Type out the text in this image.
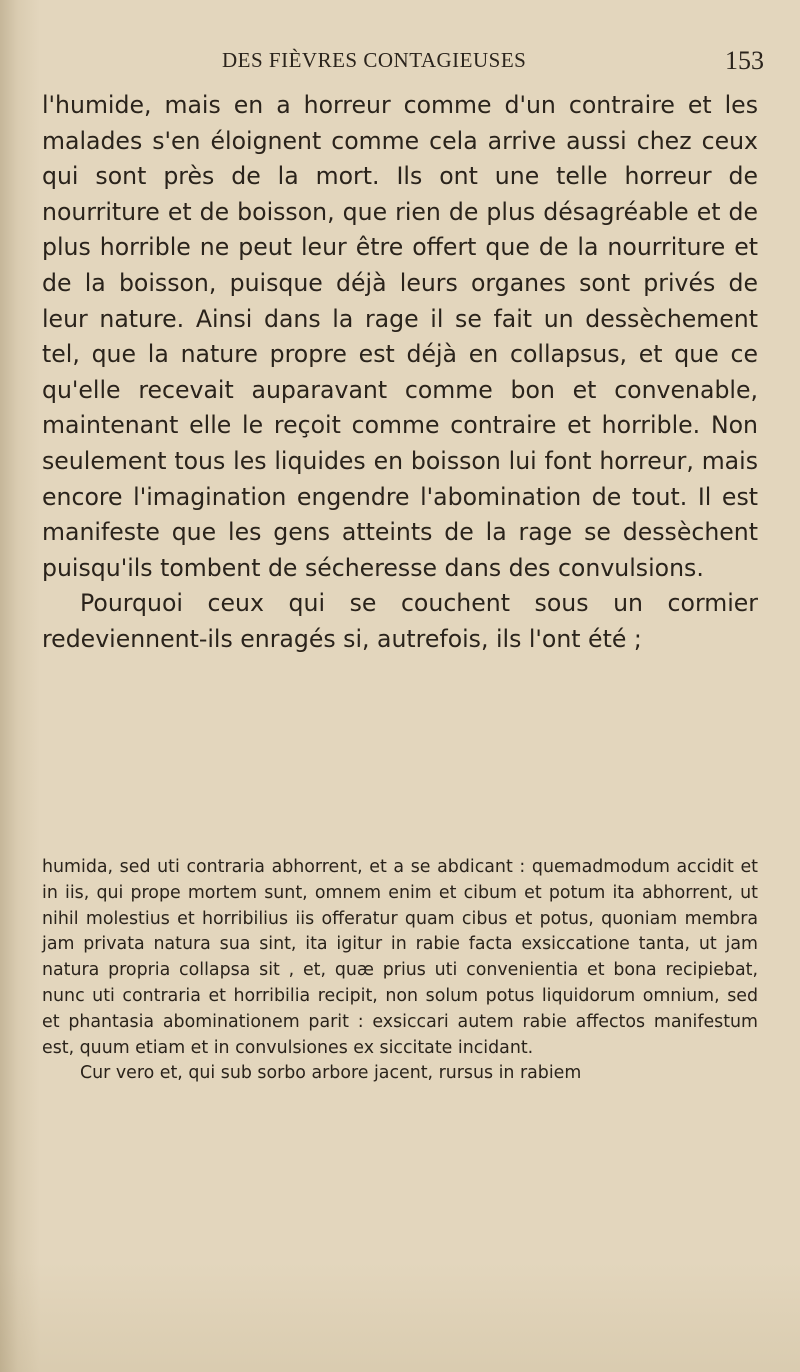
DES FIÈVRES CONTAGIEUSES	153

l'humide, mais en a horreur comme d'un contraire et les malades s'en éloignent comme cela arrive aussi chez ceux qui sont près de la mort. Ils ont une telle horreur de nourriture et de boisson, que rien de plus désagréable et de plus horrible ne peut leur être offert que de la nourriture et de la boisson, puisque déjà leurs organes sont privés de leur nature. Ainsi dans la rage il se fait un dessèchement tel, que la nature propre est déjà en collapsus, et que ce qu'elle recevait auparavant comme bon et convenable, maintenant elle le reçoit comme contraire et horrible. Non seulement tous les liquides en boisson lui font horreur, mais encore l'imagination engendre l'abomination de tout. Il est manifeste que les gens atteints de la rage se dessèchent puisqu'ils tombent de sécheresse dans des convulsions.

Pourquoi ceux qui se couchent sous un cormier redeviennent-ils enragés si, autrefois, ils l'ont été ;

humida, sed uti contraria abhorrent, et a se abdicant : quemadmodum accidit et in iis, qui prope mortem sunt, omnem enim et cibum et potum ita abhorrent, ut nihil molestius et horribilius iis offeratur quam cibus et potus, quoniam membra jam privata natura sua sint, ita igitur in rabie facta exsiccatione tanta, ut jam natura propria collapsa sit , et, quæ prius uti convenientia et bona recipiebat, nunc uti contraria et horribilia recipit, non solum potus liquidorum omnium, sed et phantasia abominationem parit : exsiccari autem rabie affectos manifestum est, quum etiam et in convulsiones ex siccitate incidant.

Cur vero et, qui sub sorbo arbore jacent, rursus in rabiem
